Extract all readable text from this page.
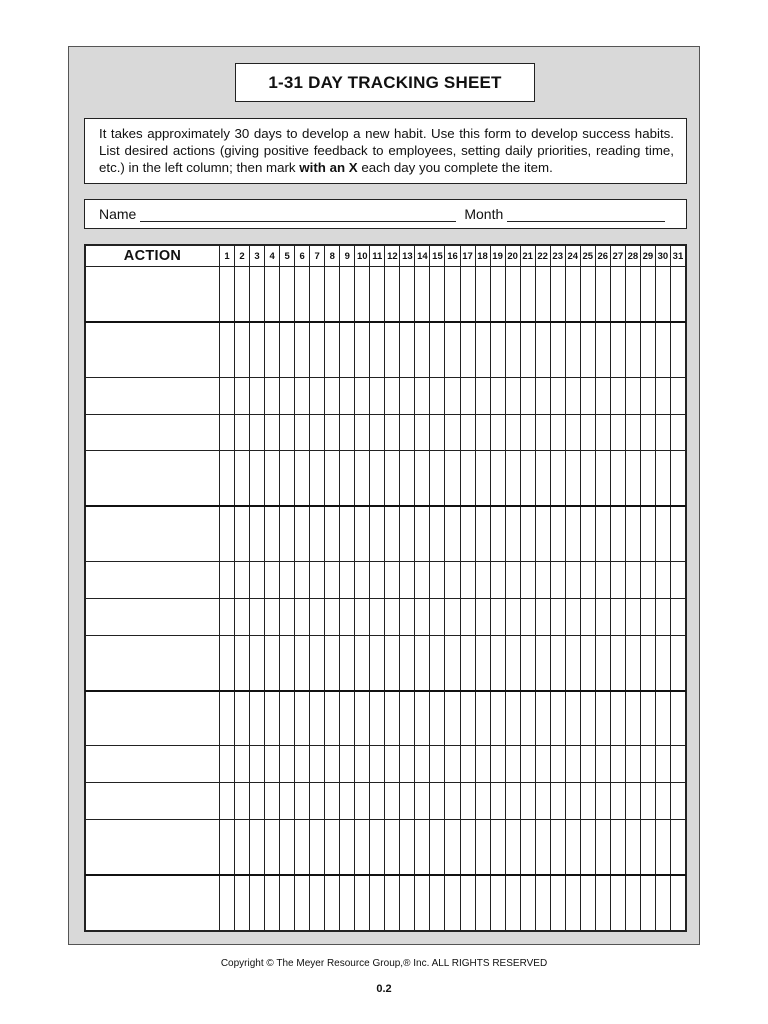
1-31 DAY TRACKING SHEET
It takes approximately 30 days to develop a new habit. Use this form to develop success habits. List desired actions (giving positive feedback to employees, setting daily priorities, reading time, etc.) in the left column; then mark with an X each day you complete the item.
Name	Month
ACTION	1	2	3	4	5	6	7	8	9	10	11	12	13	14	15	16	17	18	19	20	21	22	23	24	25	26	27	28	29	30	31

Copyright © The Meyer Resource Group,® Inc. ALL RIGHTS RESERVED
0.2
